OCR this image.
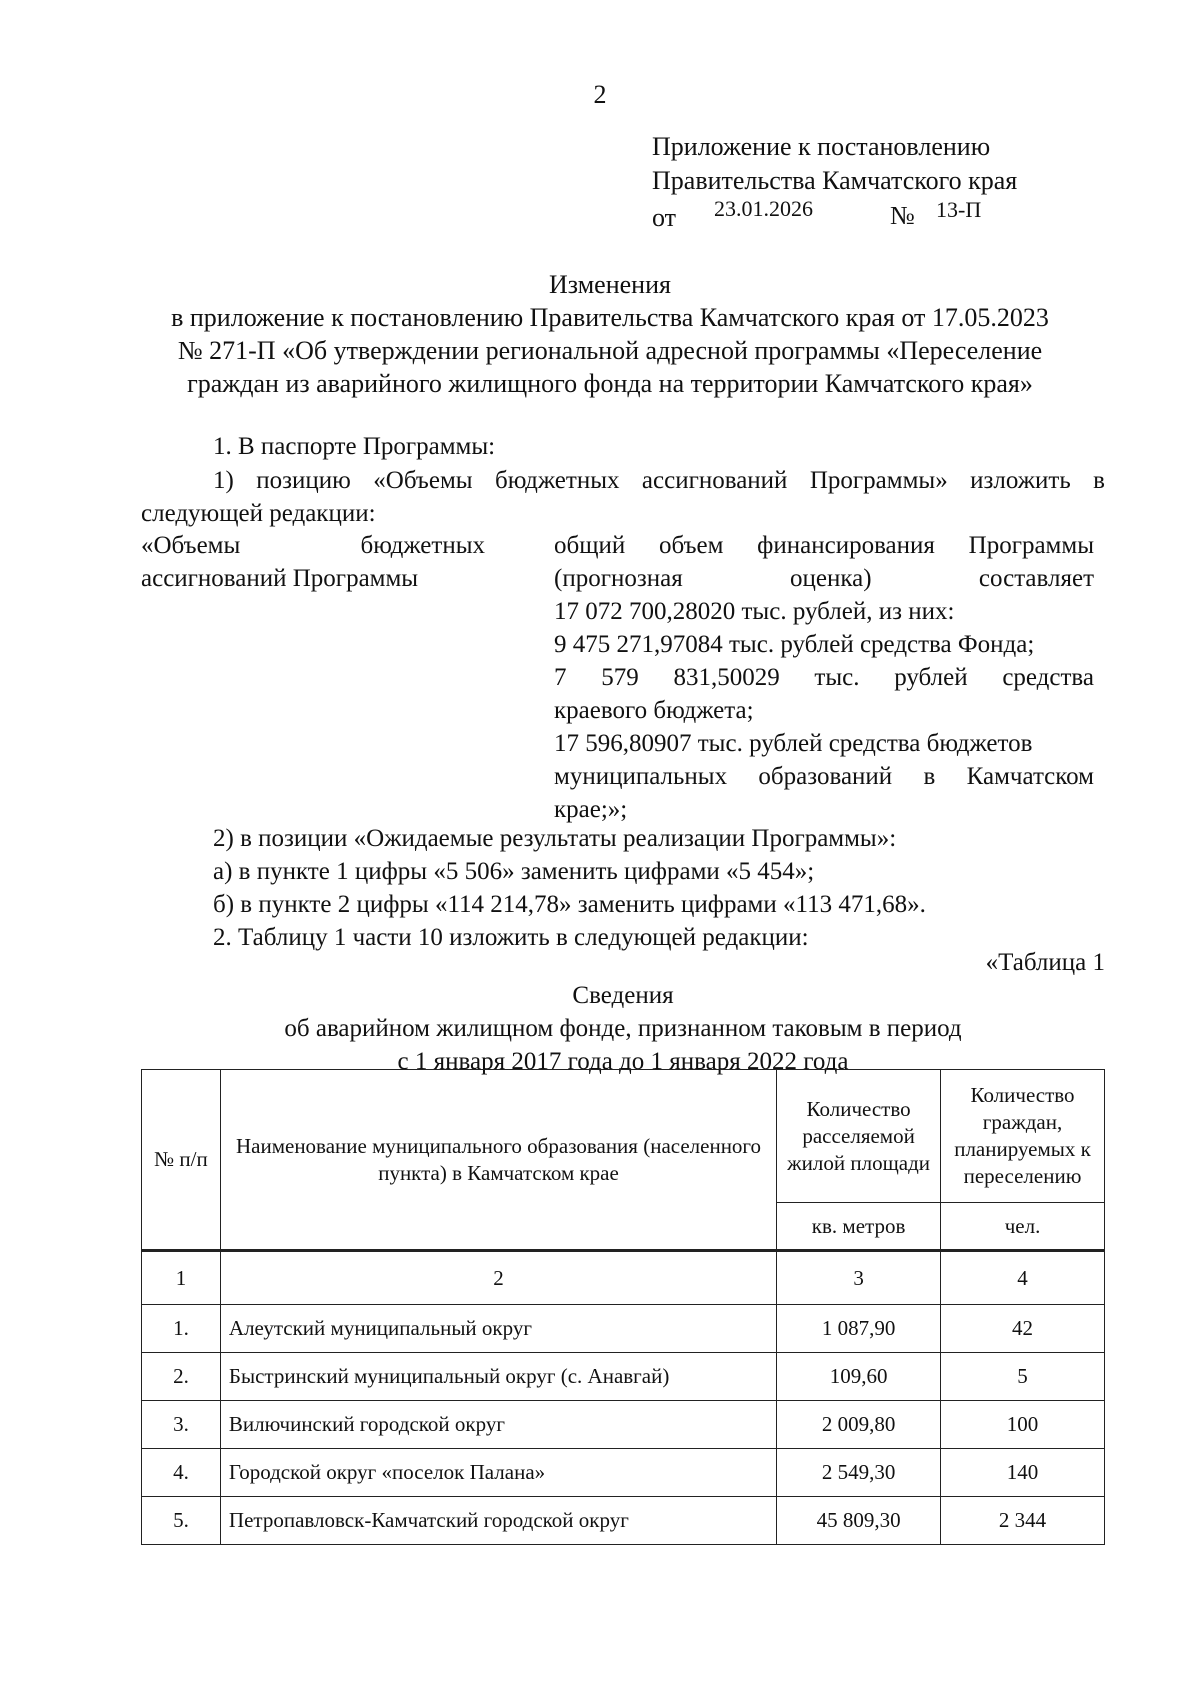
2
Приложение к постановлению
Правительства Камчатского края
от 23.01.2026	№ 13-П
Изменения
в приложение к постановлению Правительства Камчатского края от 17.05.2023
№ 271-П «Об утверждении региональной адресной программы «Переселение
граждан из аварийного жилищного фонда на территории Камчатского края»
1. В паспорте Программы:
1) позицию «Объемы бюджетных ассигнований Программы» изложить в
следующей редакции:
«Объемы бюджетных
ассигнований Программы
общий объем финансирования Программы
(прогнозная оценка) составляет
17 072 700,28020 тыс. рублей, из них:
9 475 271,97084 тыс. рублей средства Фонда;
7 579 831,50029 тыс. рублей средства
краевого бюджета;
17 596,80907 тыс. рублей средства бюджетов
муниципальных образований в Камчатском
крае;»;
2) в позиции «Ожидаемые результаты реализации Программы»:
а) в пункте 1 цифры «5 506» заменить цифрами «5 454»;
б) в пункте 2 цифры «114 214,78» заменить цифрами «113 471,68».
2. Таблицу 1 части 10 изложить в следующей редакции:
«Таблица 1
Сведения
об аварийном жилищном фонде, признанном таковым в период
с 1 января 2017 года до 1 января 2022 года
№ п/п	Наименование муниципального образования (населенного пункта) в Камчатском крае	Количество расселяемой жилой площади	Количество граждан, планируемых к переселению
		кв. метров	чел.
1	2	3	4
1.	Алеутский муниципальный округ	1 087,90	42
2.	Быстринский муниципальный округ (с. Анавгай)	109,60	5
3.	Вилючинский городской округ	2 009,80	100
4.	Городской округ «поселок Палана»	2 549,30	140
5.	Петропавловск-Камчатский городской округ	45 809,30	2 344
